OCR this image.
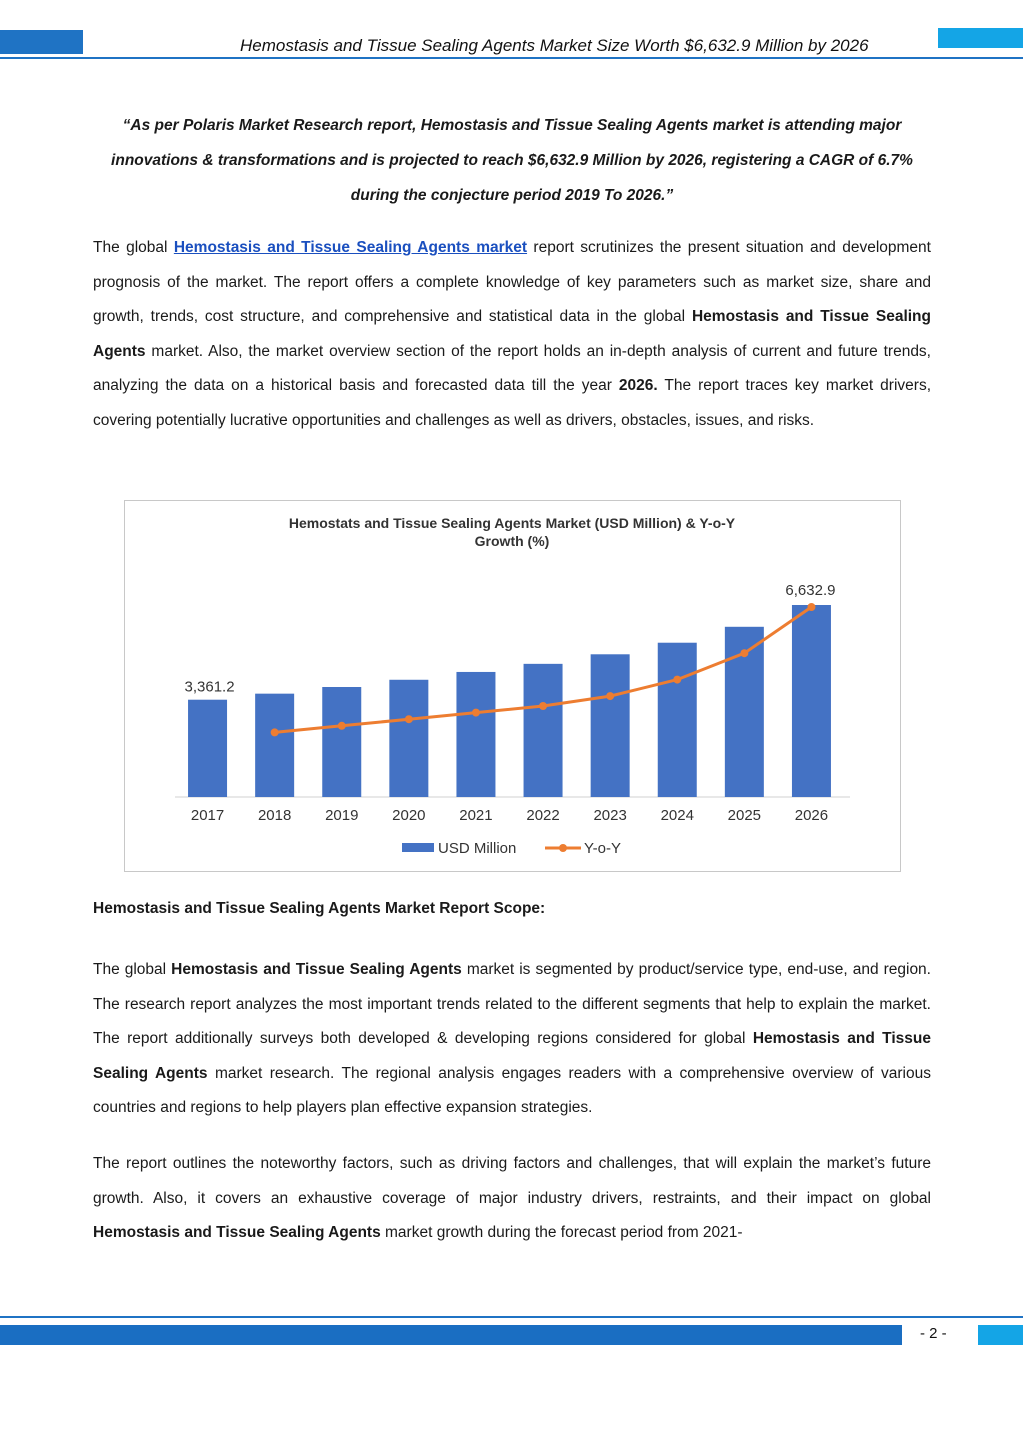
Hemostasis and Tissue Sealing Agents Market Size Worth $6,632.9 Million by 2026
“As per Polaris Market Research report, Hemostasis and Tissue Sealing Agents market is attending major innovations & transformations and is projected to reach $6,632.9 Million by 2026, registering a CAGR of 6.7% during the conjecture period 2019 To 2026.”
The global Hemostasis and Tissue Sealing Agents market report scrutinizes the present situation and development prognosis of the market. The report offers a complete knowledge of key parameters such as market size, share and growth, trends, cost structure, and comprehensive and statistical data in the global Hemostasis and Tissue Sealing Agents market. Also, the market overview section of the report holds an in-depth analysis of current and future trends, analyzing the data on a historical basis and forecasted data till the year 2026. The report traces key market drivers, covering potentially lucrative opportunities and challenges as well as drivers, obstacles, issues, and risks.
Hemostats and Tissue Sealing Agents Market (USD Million) & Y-o-Y
Growth (%)
2017 2018 2019 2020 2021 2022 2023 2024 2025 2026
3,361.2
6,632.9
USD Million	Y-o-Y
Hemostasis and Tissue Sealing Agents Market Report Scope:
The global Hemostasis and Tissue Sealing Agents market is segmented by product/service type, end-use, and region. The research report analyzes the most important trends related to the different segments that help to explain the market. The report additionally surveys both developed & developing regions considered for global Hemostasis and Tissue Sealing Agents market research. The regional analysis engages readers with a comprehensive overview of various countries and regions to help players plan effective expansion strategies.
The report outlines the noteworthy factors, such as driving factors and challenges, that will explain the market’s future growth. Also, it covers an exhaustive coverage of major industry drivers, restraints, and their impact on global Hemostasis and Tissue Sealing Agents market growth during the forecast period from 2021-
- 2 -
